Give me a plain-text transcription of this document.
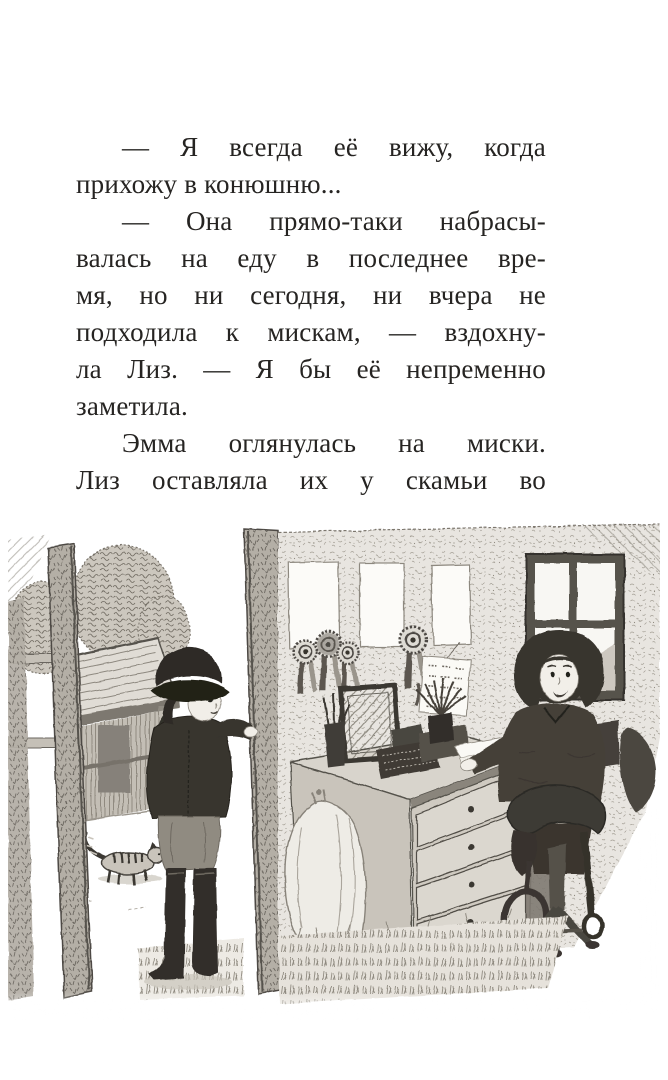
— Я всегда её вижу, когда
прихожу в конюшню...
— Она прямо-таки набрасы-
валась на еду в последнее вре-
мя, но ни сегодня, ни вчера не
подходила к мискам, — вздохну-
ла Лиз. — Я бы её непременно
заметила.
Эмма оглянулась на миски.
Лиз оставляла их у скамьи во
